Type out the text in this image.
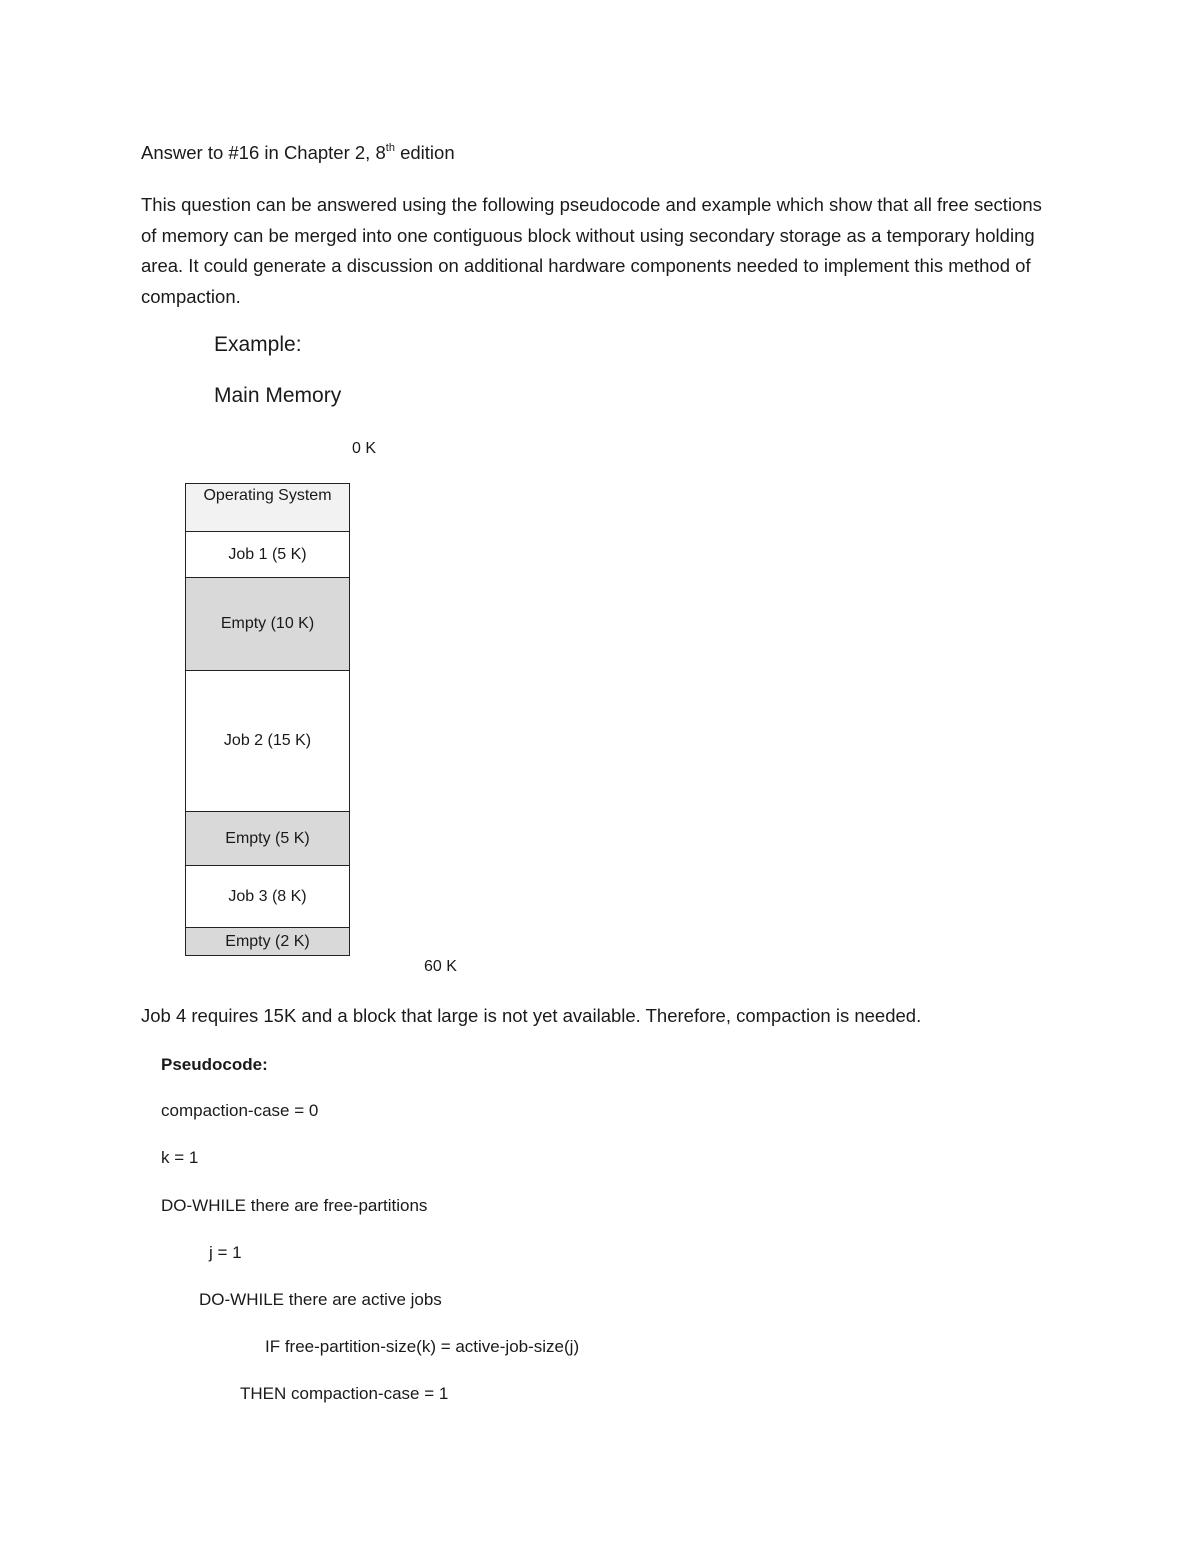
Answer to #16 in Chapter 2, 8th edition

This question can be answered using the following pseudocode and example which show that all free sections of memory can be merged into one contiguous block without using secondary storage as a temporary holding area. It could generate a discussion on additional hardware components needed to implement this method of compaction.

Example:

Main Memory

0 K

Operating System
Job 1 (5 K)
Empty (10 K)
Job 2 (15 K)
Empty (5 K)
Job 3 (8 K)
Empty (2 K)

60 K

Job 4 requires 15K and a block that large is not yet available. Therefore, compaction is needed.

Pseudocode:

compaction-case = 0

k = 1

DO-WHILE there are free-partitions

j = 1

DO-WHILE there are active jobs

IF free-partition-size(k) = active-job-size(j)

THEN compaction-case = 1
